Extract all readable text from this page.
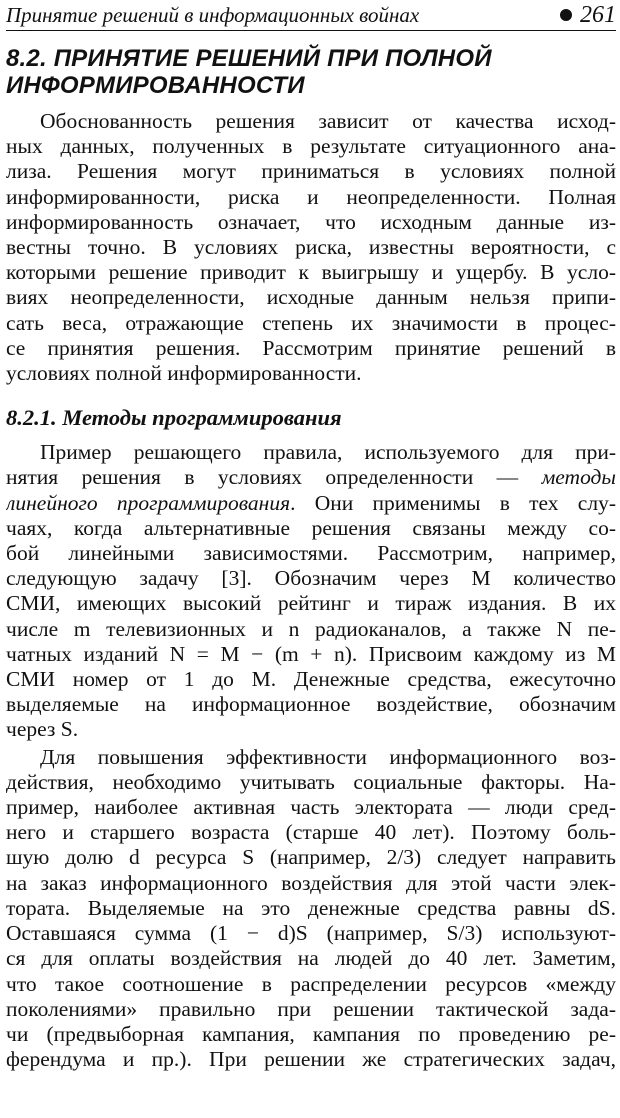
Принятие решений в информационных войнах	261
8.2. ПРИНЯТИЕ РЕШЕНИЙ ПРИ ПОЛНОЙ
ИНФОРМИРОВАННОСТИ
Обоснованность решения зависит от качества исход-
ных данных, полученных в результате ситуационного ана-
лиза. Решения могут приниматься в условиях полной
информированности, риска и неопределенности. Полная
информированность означает, что исходным данные из-
вестны точно. В условиях риска, известны вероятности, с
которыми решение приводит к выигрышу и ущербу. В усло-
виях неопределенности, исходные данным нельзя припи-
сать веса, отражающие степень их значимости в процес-
се принятия решения. Рассмотрим принятие решений в
условиях полной информированности.
8.2.1. Методы программирования
Пример решающего правила, используемого для при-
нятия решения в условиях определенности — методы
линейного программирования. Они применимы в тех слу-
чаях, когда альтернативные решения связаны между со-
бой линейными зависимостями. Рассмотрим, например,
следующую задачу [3]. Обозначим через M количество
СМИ, имеющих высокий рейтинг и тираж издания. В их
числе m телевизионных и n радиоканалов, а также N пе-
чатных изданий N = M − (m + n). Присвоим каждому из M
СМИ номер от 1 до M. Денежные средства, ежесуточно
выделяемые на информационное воздействие, обозначим
через S.
Для повышения эффективности информационного воз-
действия, необходимо учитывать социальные факторы. На-
пример, наиболее активная часть электората — люди сред-
него и старшего возраста (старше 40 лет). Поэтому боль-
шую долю d ресурса S (например, 2/3) следует направить
на заказ информационного воздействия для этой части элек-
тората. Выделяемые на это денежные средства равны dS.
Оставшаяся сумма (1 − d)S (например, S/3) используют-
ся для оплаты воздействия на людей до 40 лет. Заметим,
что такое соотношение в распределении ресурсов «между
поколениями» правильно при решении тактической зада-
чи (предвыборная кампания, кампания по проведению ре-
ферендума и пр.). При решении же стратегических задач,
